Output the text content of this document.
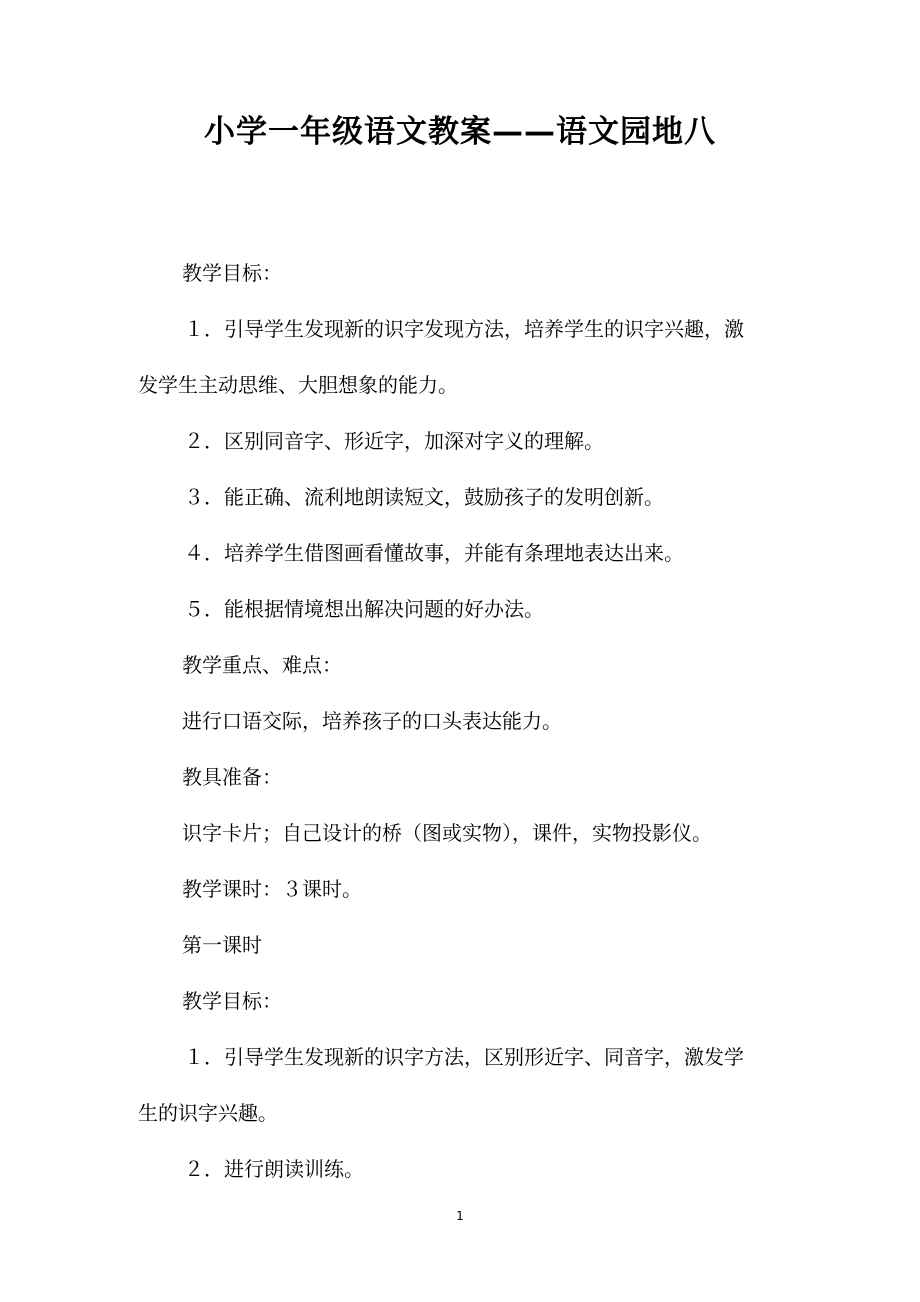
小学一年级语文教案——语文园地八
教学目标：
１．引导学生发现新的识字发现方法，培养学生的识字兴趣，激
发学生主动思维、大胆想象的能力。
２．区别同音字、形近字，加深对字义的理解。
３．能正确、流利地朗读短文，鼓励孩子的发明创新。
４．培养学生借图画看懂故事，并能有条理地表达出来。
５．能根据情境想出解决问题的好办法。
教学重点、难点：
进行口语交际，培养孩子的口头表达能力。
教具准备：
识字卡片；自己设计的桥（图或实物），课件，实物投影仪。
教学课时：３课时。
第一课时
教学目标：
１．引导学生发现新的识字方法，区别形近字、同音字，激发学
生的识字兴趣。
２．进行朗读训练。
1
